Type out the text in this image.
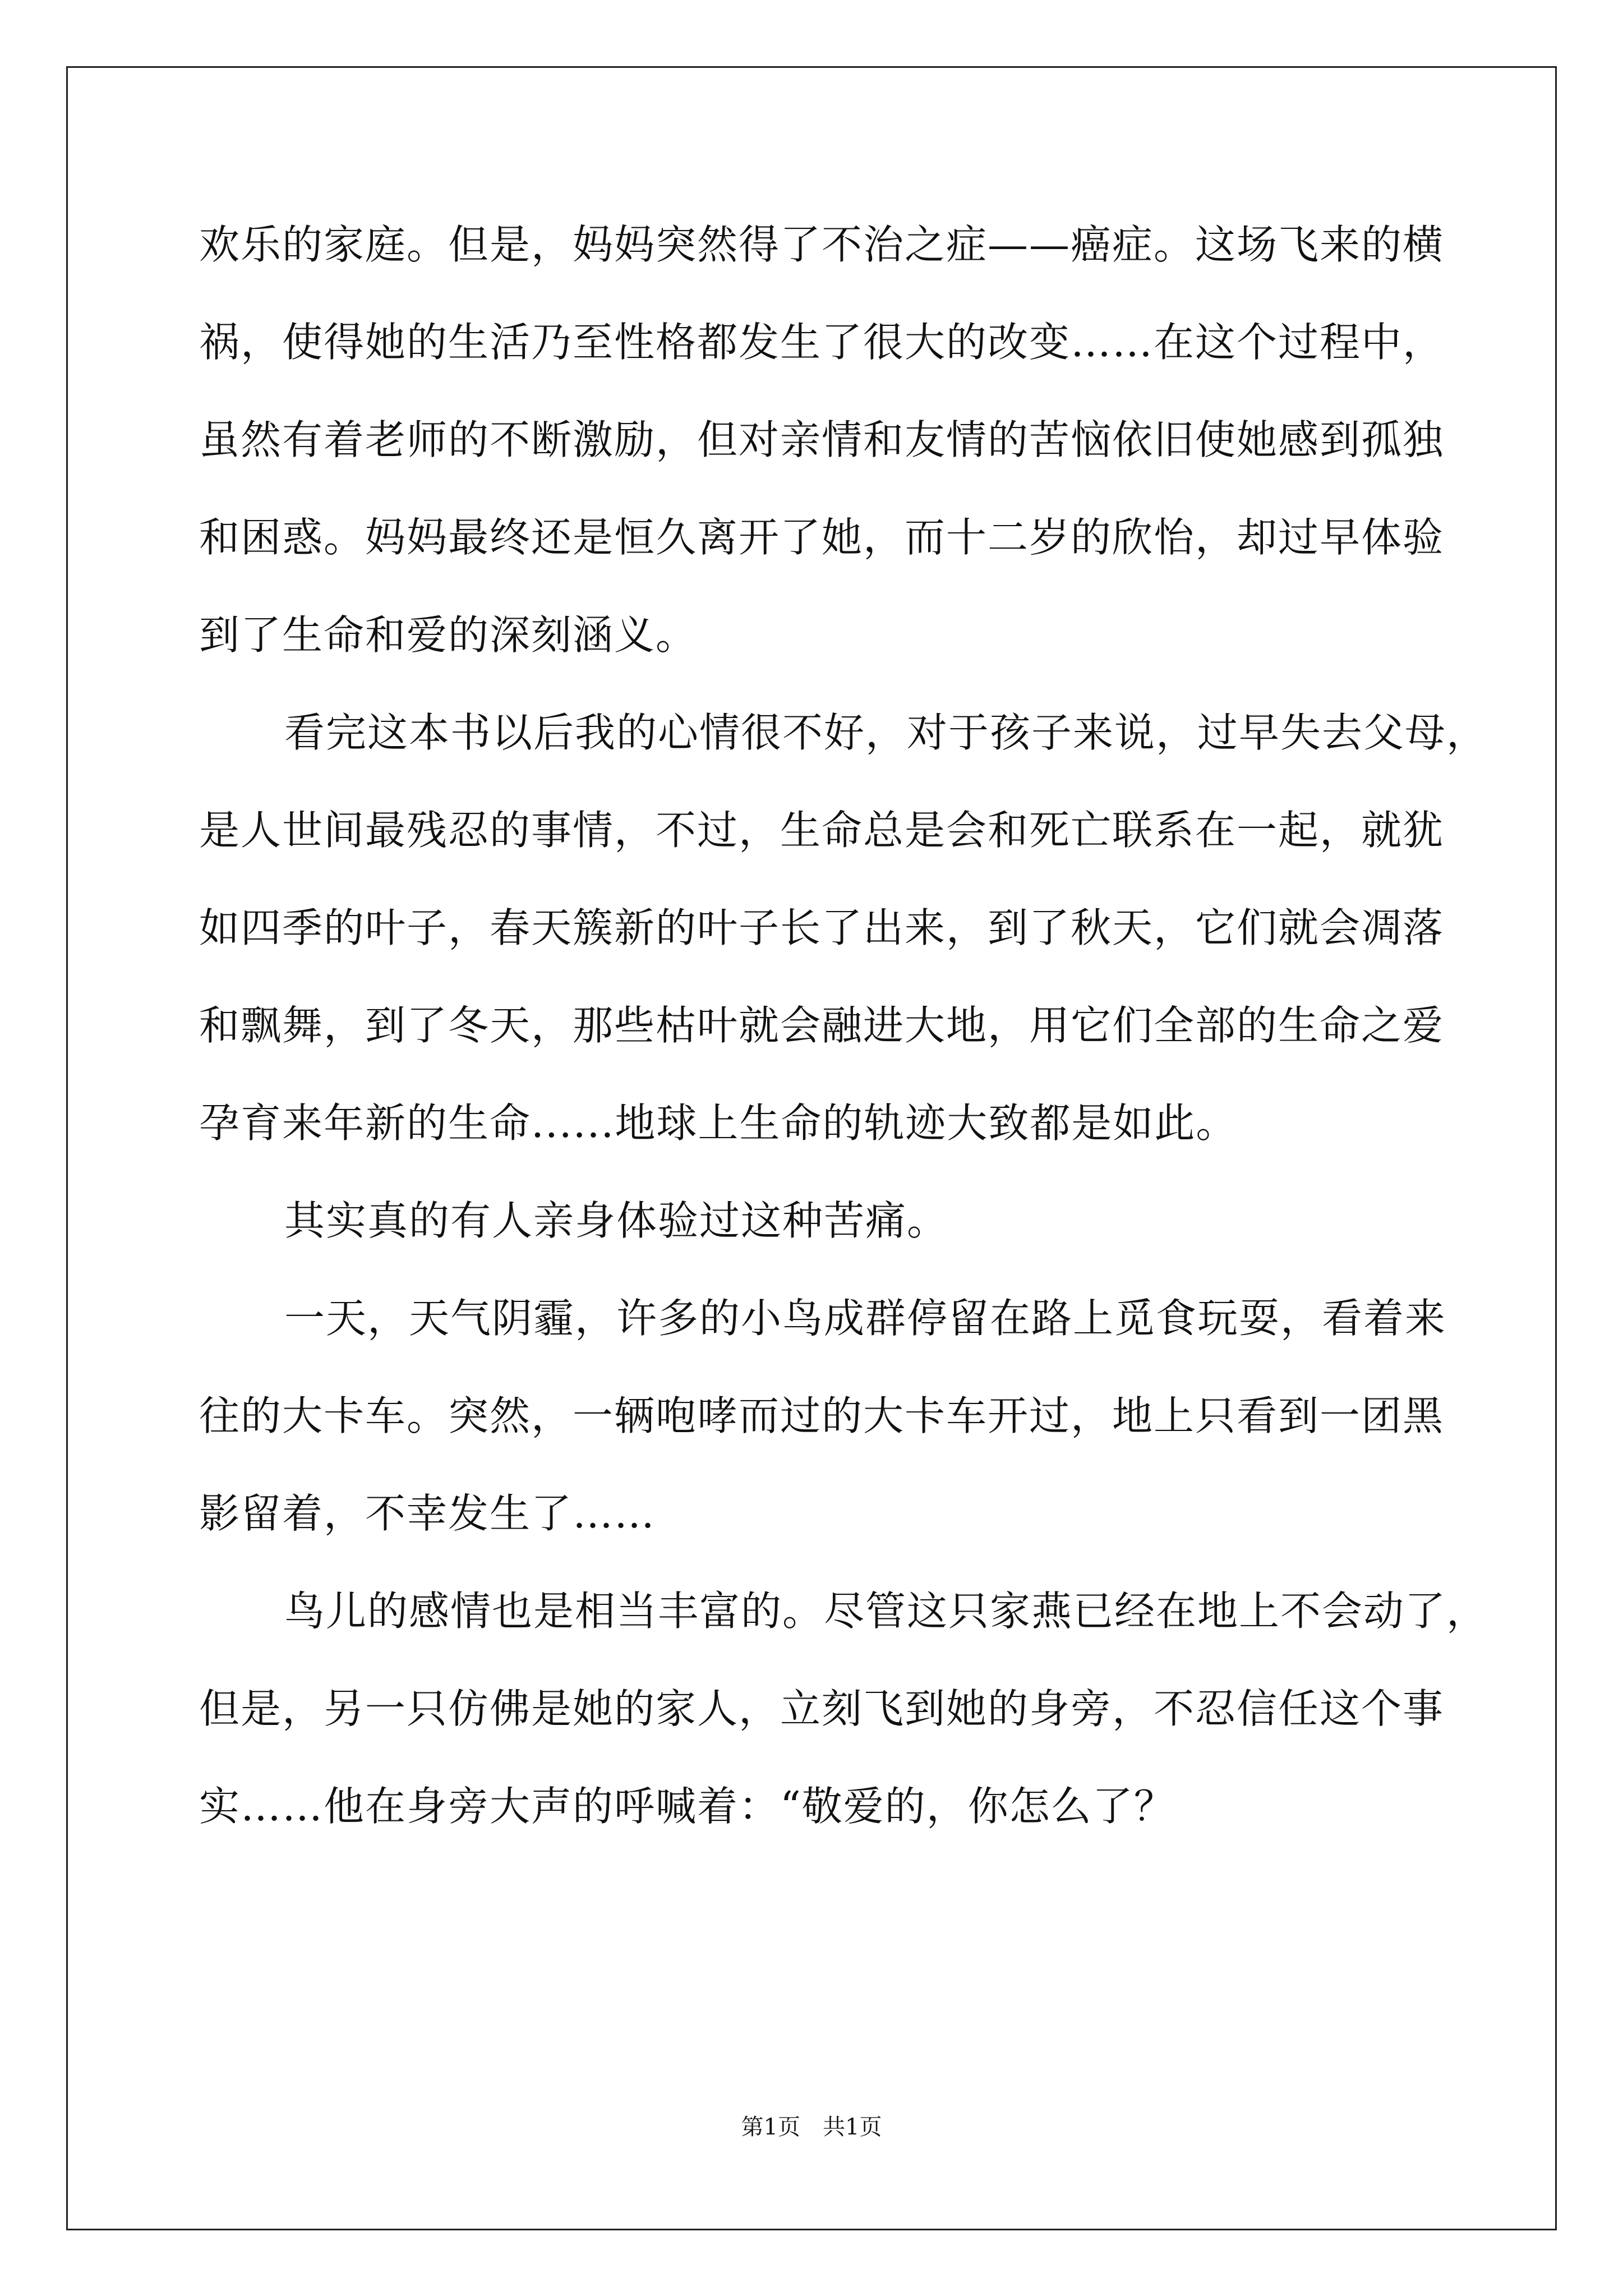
欢乐的家庭。但是，妈妈突然得了不治之症——癌症。这场飞来的横
祸，使得她的生活乃至性格都发生了很大的改变……在这个过程中，
虽然有着老师的不断激励，但对亲情和友情的苦恼依旧使她感到孤独
和困惑。妈妈最终还是恒久离开了她，而十二岁的欣怡，却过早体验
到了生命和爱的深刻涵义。
看完这本书以后我的心情很不好，对于孩子来说，过早失去父母，
是人世间最残忍的事情，不过，生命总是会和死亡联系在一起，就犹
如四季的叶子，春天簇新的叶子长了出来，到了秋天，它们就会凋落
和飘舞，到了冬天，那些枯叶就会融进大地，用它们全部的生命之爱
孕育来年新的生命......地球上生命的轨迹大致都是如此。
其实真的有人亲身体验过这种苦痛。
一天，天气阴霾，许多的小鸟成群停留在路上觅食玩耍，看着来
往的大卡车。突然，一辆咆哮而过的大卡车开过，地上只看到一团黑
影留着，不幸发生了……
鸟儿的感情也是相当丰富的。尽管这只家燕已经在地上不会动了，
但是，另一只仿佛是她的家人，立刻飞到她的身旁，不忍信任这个事
实……他在身旁大声的呼喊着：“敬爱的，你怎么了？
第1页　共1页
